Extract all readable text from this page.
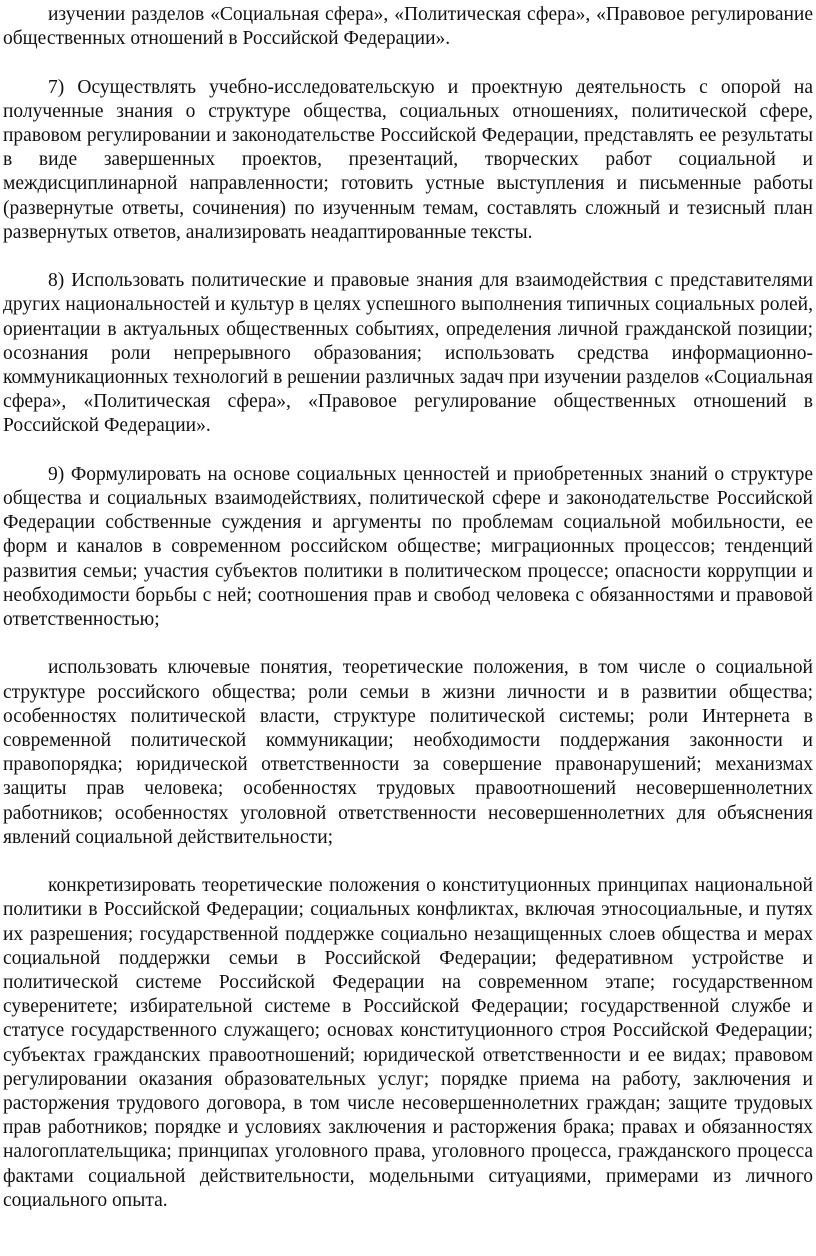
изучении разделов «Социальная сфера», «Политическая сфера», «Правовое регулирование общественных отношений в Российской Федерации».

7) Осуществлять учебно-исследовательскую и проектную деятельность с опорой на полученные знания о структуре общества, социальных отношениях, политической сфере, правовом регулировании и законодательстве Российской Федерации, представлять ее результаты в виде завершенных проектов, презентаций, творческих работ социальной и междисциплинарной направленности; готовить устные выступления и письменные работы (развернутые ответы, сочинения) по изученным темам, составлять сложный и тезисный план развернутых ответов, анализировать неадаптированные тексты.

8) Использовать политические и правовые знания для взаимодействия с представителями других национальностей и культур в целях успешного выполнения типичных социальных ролей, ориентации в актуальных общественных событиях, определения личной гражданской позиции; осознания роли непрерывного образования; использовать средства информационно-коммуникационных технологий в решении различных задач при изучении разделов «Социальная сфера», «Политическая сфера», «Правовое регулирование общественных отношений в Российской Федерации».

9) Формулировать на основе социальных ценностей и приобретенных знаний о структуре общества и социальных взаимодействиях, политической сфере и законодательстве Российской Федерации собственные суждения и аргументы по проблемам социальной мобильности, ее форм и каналов в современном российском обществе; миграционных процессов; тенденций развития семьи; участия субъектов политики в политическом процессе; опасности коррупции и необходимости борьбы с ней; соотношения прав и свобод человека с обязанностями и правовой ответственностью;

использовать ключевые понятия, теоретические положения, в том числе о социальной структуре российского общества; роли семьи в жизни личности и в развитии общества; особенностях политической власти, структуре политической системы; роли Интернета в современной политической коммуникации; необходимости поддержания законности и правопорядка; юридической ответственности за совершение правонарушений; механизмах защиты прав человека; особенностях трудовых правоотношений несовершеннолетних работников; особенностях уголовной ответственности несовершеннолетних для объяснения явлений социальной действительности;

конкретизировать теоретические положения о конституционных принципах национальной политики в Российской Федерации; социальных конфликтах, включая этносоциальные, и путях их разрешения; государственной поддержке социально незащищенных слоев общества и мерах социальной поддержки семьи в Российской Федерации; федеративном устройстве и политической системе Российской Федерации на современном этапе; государственном суверенитете; избирательной системе в Российской Федерации; государственной службе и статусе государственного служащего; основах конституционного строя Российской Федерации; субъектах гражданских правоотношений; юридической ответственности и ее видах; правовом регулировании оказания образовательных услуг; порядке приема на работу, заключения и расторжения трудового договора, в том числе несовершеннолетних граждан; защите трудовых прав работников; порядке и условиях заключения и расторжения брака; правах и обязанностях налогоплательщика; принципах уголовного права, уголовного процесса, гражданского процесса фактами социальной действительности, модельными ситуациями, примерами из личного социального опыта.
